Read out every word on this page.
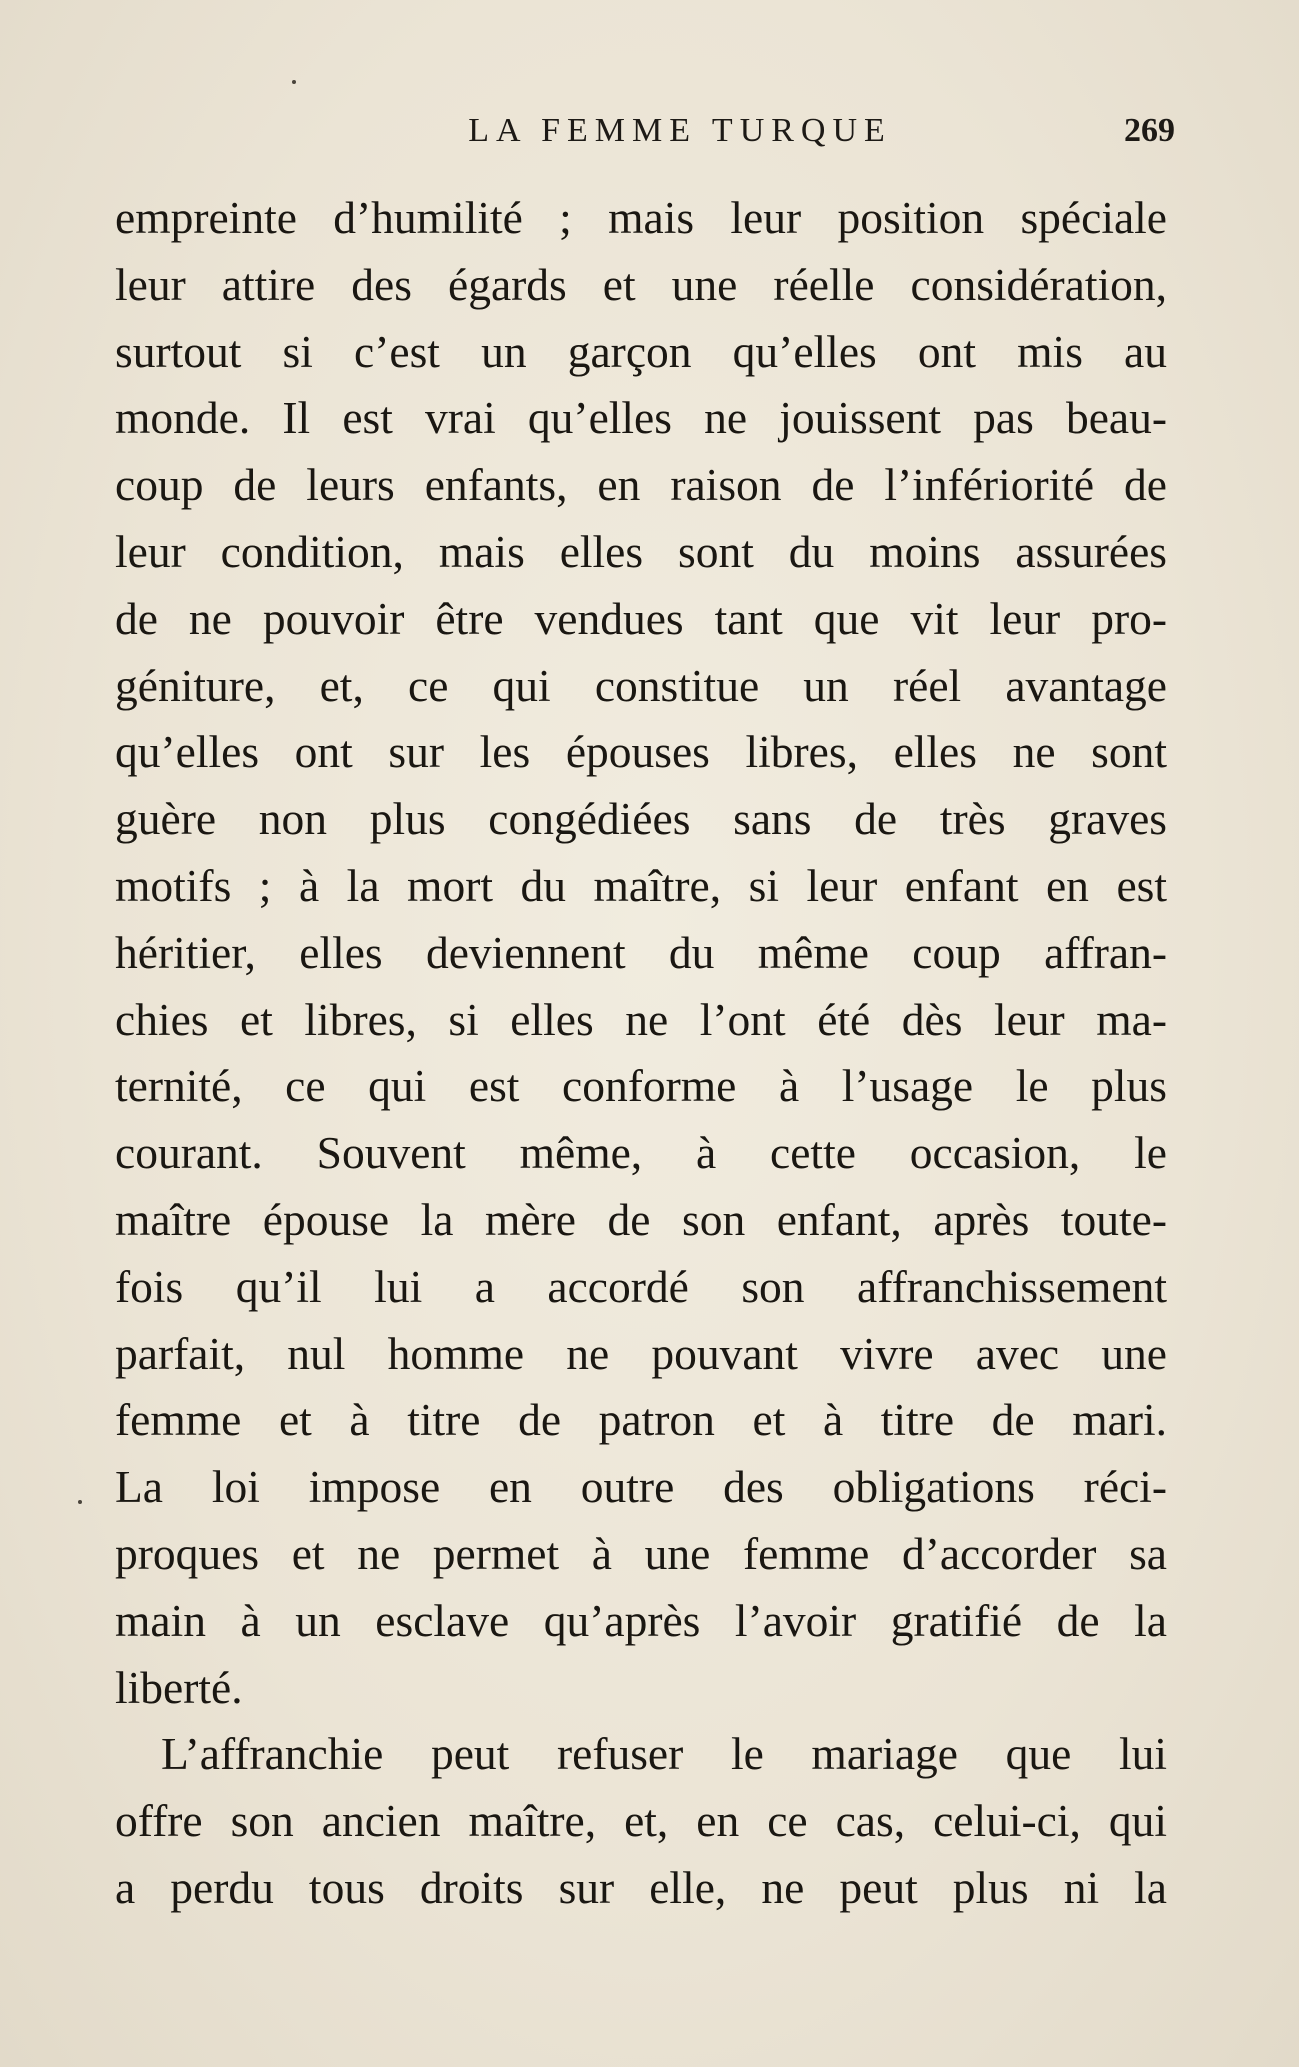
LA FEMME TURQUE	269
empreinte d’humilité ; mais leur position spéciale
leur attire des égards et une réelle considération,
surtout si c’est un garçon qu’elles ont mis au
monde. Il est vrai qu’elles ne jouissent pas beau-
coup de leurs enfants, en raison de l’infériorité de
leur condition, mais elles sont du moins assurées
de ne pouvoir être vendues tant que vit leur pro-
géniture, et, ce qui constitue un réel avantage
qu’elles ont sur les épouses libres, elles ne sont
guère non plus congédiées sans de très graves
motifs ; à la mort du maître, si leur enfant en est
héritier, elles deviennent du même coup affran-
chies et libres, si elles ne l’ont été dès leur ma-
ternité, ce qui est conforme à l’usage le plus
courant. Souvent même, à cette occasion, le
maître épouse la mère de son enfant, après toute-
fois qu’il lui a accordé son affranchissement
parfait, nul homme ne pouvant vivre avec une
femme et à titre de patron et à titre de mari.
La loi impose en outre des obligations réci-
proques et ne permet à une femme d’accorder sa
main à un esclave qu’après l’avoir gratifié de la
liberté.
L’affranchie peut refuser le mariage que lui
offre son ancien maître, et, en ce cas, celui-ci, qui
a perdu tous droits sur elle, ne peut plus ni la
